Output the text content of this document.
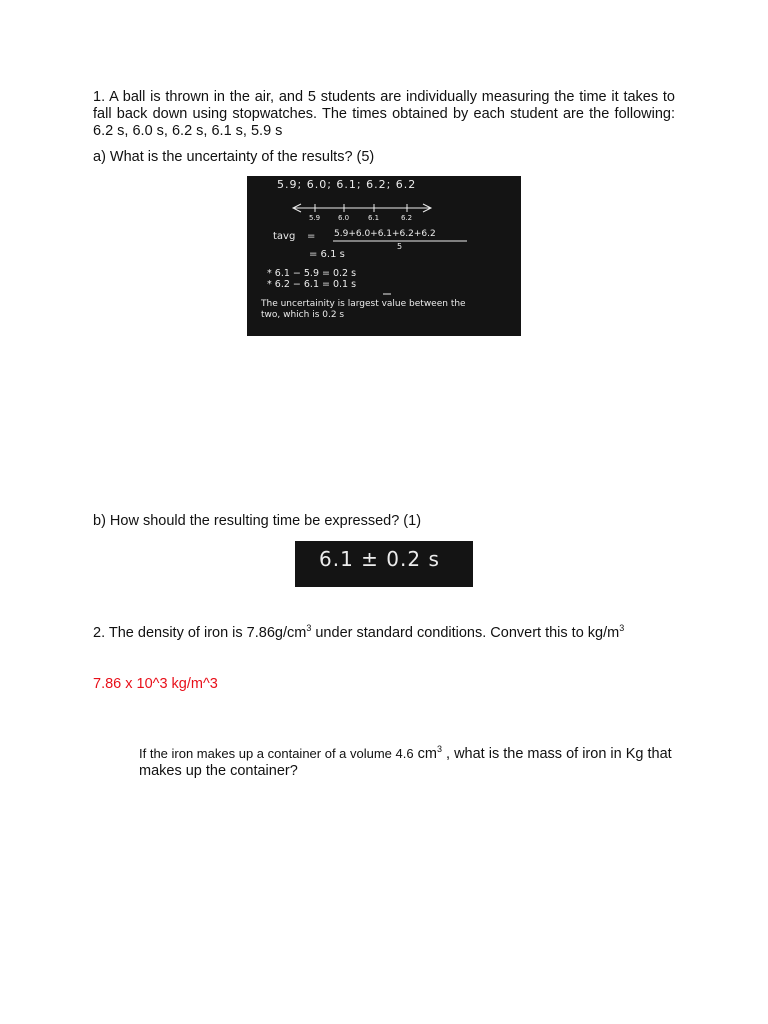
1. A ball is thrown in the air, and 5 students are individually measuring the time it takes to fall back down using stopwatches. The times obtained by each student are the following: 6.2 s, 6.0 s, 6.2 s, 6.1 s, 5.9 s
a) What is the uncertainty of the results? (5)
5.9; 6.0; 6.1; 6.2; 6.2
5.9	6.0	6.1	6.2
tavg = 5.9+6.0+6.1+6.2+6.2
5
= 6.1 s
* 6.1 − 5.9 = 0.2 s
* 6.2 − 6.1 = 0.1 s
The uncertainity is largest value between the
two, which is 0.2 s
b) How should the resulting time be expressed? (1)
6.1 ± 0.2 s
2. The density of iron is $7.86g/cm^3$ under standard conditions. Convert this to $kg/m^3$
7.86 x 10^3 kg/m^3
If the iron makes up a container of a volume 4.6 $cm^3$ , what is the mass of iron in Kg that makes up the container?
